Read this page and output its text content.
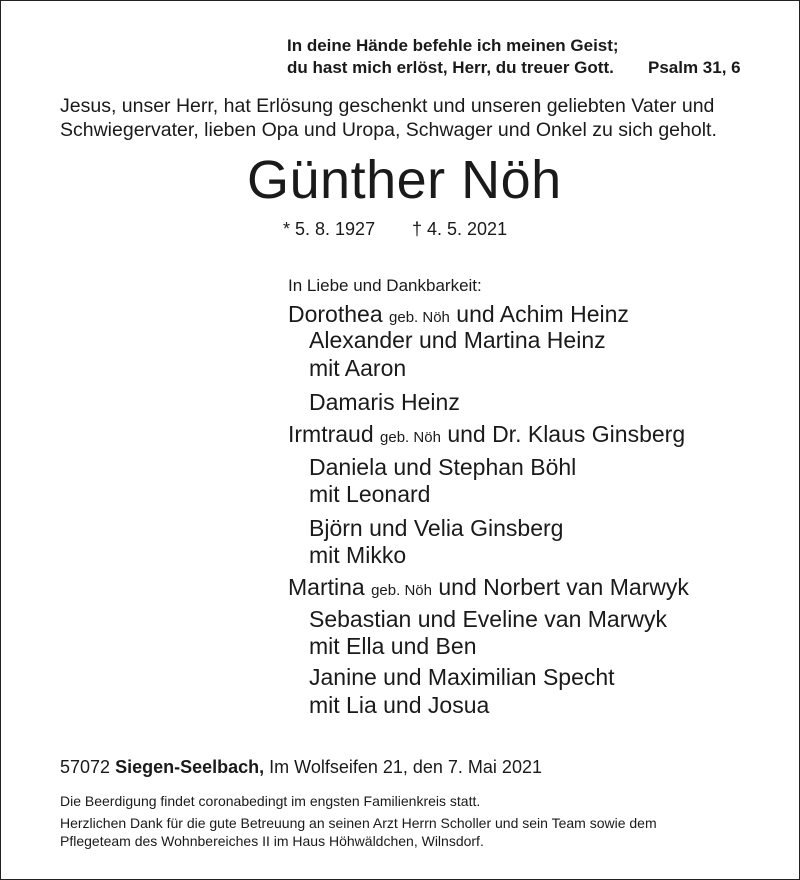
In deine Hände befehle ich meinen Geist;
du hast mich erlöst, Herr, du treuer Gott. Psalm 31, 6
Jesus, unser Herr, hat Erlösung geschenkt und unseren geliebten Vater und
Schwiegervater, lieben Opa und Uropa, Schwager und Onkel zu sich geholt.
Günther Nöh
* 5. 8. 1927 † 4. 5. 2021
In Liebe und Dankbarkeit:
Dorothea geb. Nöh und Achim Heinz
Alexander und Martina Heinz
mit Aaron
Damaris Heinz
Irmtraud geb. Nöh und Dr. Klaus Ginsberg
Daniela und Stephan Böhl
mit Leonard
Björn und Velia Ginsberg
mit Mikko
Martina geb. Nöh und Norbert van Marwyk
Sebastian und Eveline van Marwyk
mit Ella und Ben
Janine und Maximilian Specht
mit Lia und Josua
57072 Siegen-Seelbach, Im Wolfseifen 21, den 7. Mai 2021
Die Beerdigung findet coronabedingt im engsten Familienkreis statt.
Herzlichen Dank für die gute Betreuung an seinen Arzt Herrn Scholler und sein Team sowie dem
Pflegeteam des Wohnbereiches II im Haus Höhwäldchen, Wilnsdorf.
